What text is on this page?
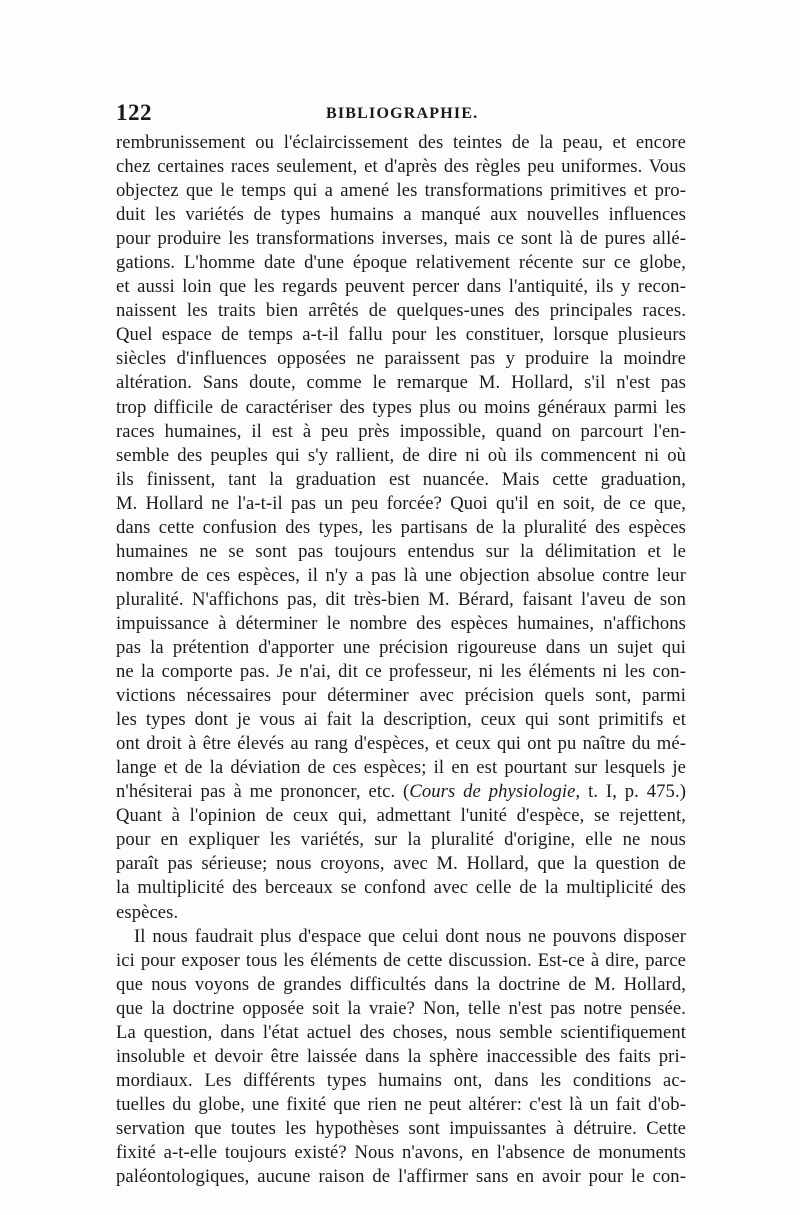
122	BIBLIOGRAPHIE.
rembrunissement ou l'éclaircissement des teintes de la peau, et encore
chez certaines races seulement, et d'après des règles peu uniformes. Vous
objectez que le temps qui a amené les transformations primitives et pro-
duit les variétés de types humains a manqué aux nouvelles influences
pour produire les transformations inverses, mais ce sont là de pures allé-
gations. L'homme date d'une époque relativement récente sur ce globe,
et aussi loin que les regards peuvent percer dans l'antiquité, ils y recon-
naissent les traits bien arrêtés de quelques-unes des principales races.
Quel espace de temps a-t-il fallu pour les constituer, lorsque plusieurs
siècles d'influences opposées ne paraissent pas y produire la moindre
altération. Sans doute, comme le remarque M. Hollard, s'il n'est pas
trop difficile de caractériser des types plus ou moins généraux parmi les
races humaines, il est à peu près impossible, quand on parcourt l'en-
semble des peuples qui s'y rallient, de dire ni où ils commencent ni où
ils finissent, tant la graduation est nuancée. Mais cette graduation,
M. Hollard ne l'a-t-il pas un peu forcée? Quoi qu'il en soit, de ce que,
dans cette confusion des types, les partisans de la pluralité des espèces
humaines ne se sont pas toujours entendus sur la délimitation et le
nombre de ces espèces, il n'y a pas là une objection absolue contre leur
pluralité. N'affichons pas, dit très-bien M. Bérard, faisant l'aveu de son
impuissance à déterminer le nombre des espèces humaines, n'affichons
pas la prétention d'apporter une précision rigoureuse dans un sujet qui
ne la comporte pas. Je n'ai, dit ce professeur, ni les éléments ni les con-
victions nécessaires pour déterminer avec précision quels sont, parmi
les types dont je vous ai fait la description, ceux qui sont primitifs et
ont droit à être élevés au rang d'espèces, et ceux qui ont pu naître du mé-
lange et de la déviation de ces espèces; il en est pourtant sur lesquels je
n'hésiterai pas à me prononcer, etc. (Cours de physiologie, t. I, p. 475.)
Quant à l'opinion de ceux qui, admettant l'unité d'espèce, se rejettent,
pour en expliquer les variétés, sur la pluralité d'origine, elle ne nous
paraît pas sérieuse; nous croyons, avec M. Hollard, que la question de
la multiplicité des berceaux se confond avec celle de la multiplicité des
espèces.
Il nous faudrait plus d'espace que celui dont nous ne pouvons disposer
ici pour exposer tous les éléments de cette discussion. Est-ce à dire, parce
que nous voyons de grandes difficultés dans la doctrine de M. Hollard,
que la doctrine opposée soit la vraie? Non, telle n'est pas notre pensée.
La question, dans l'état actuel des choses, nous semble scientifiquement
insoluble et devoir être laissée dans la sphère inaccessible des faits pri-
mordiaux. Les différents types humains ont, dans les conditions ac-
tuelles du globe, une fixité que rien ne peut altérer: c'est là un fait d'ob-
servation que toutes les hypothèses sont impuissantes à détruire. Cette
fixité a-t-elle toujours existé? Nous n'avons, en l'absence de monuments
paléontologiques, aucune raison de l'affirmer sans en avoir pour le con-
